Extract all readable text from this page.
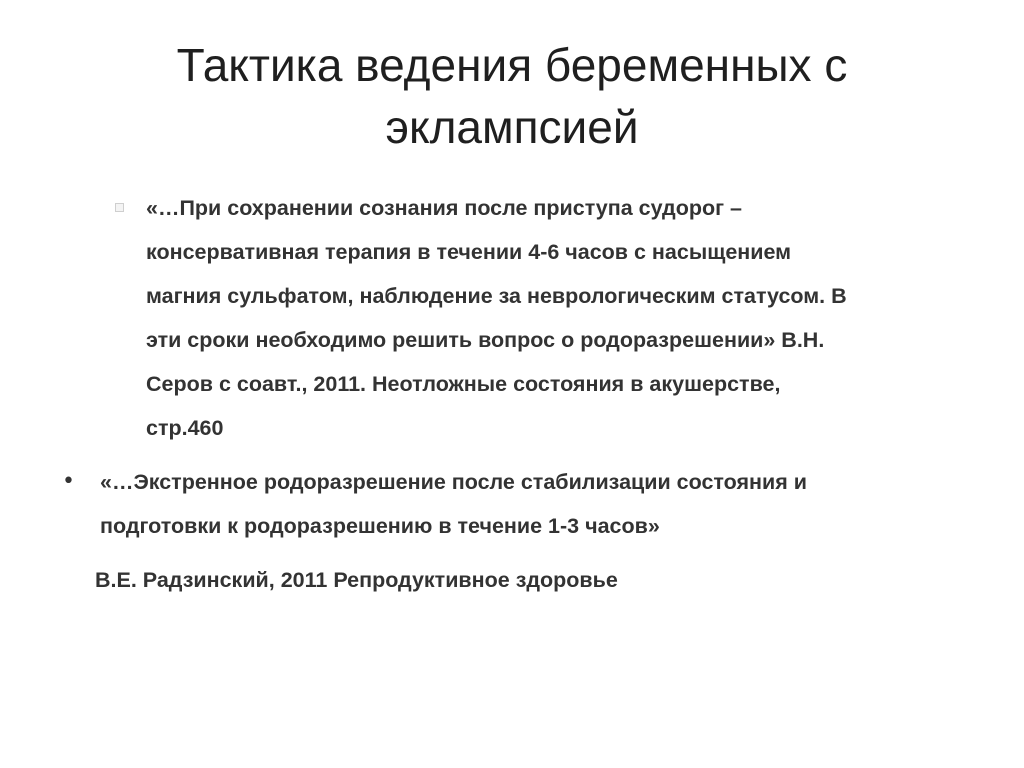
Тактика ведения беременных с
эклампсией
«…При сохранении сознания после приступа судорог –
консервативная терапия в течении 4-6 часов с насыщением
магния сульфатом, наблюдение за неврологическим статусом. В
эти сроки необходимо решить вопрос о родоразрешении» В.Н.
Серов с соавт., 2011. Неотложные состояния в акушерстве,
стр.460
• «…Экстренное родоразрешение после стабилизации состояния и
подготовки к родоразрешению в течение 1-3 часов»
В.Е. Радзинский, 2011 Репродуктивное здоровье
